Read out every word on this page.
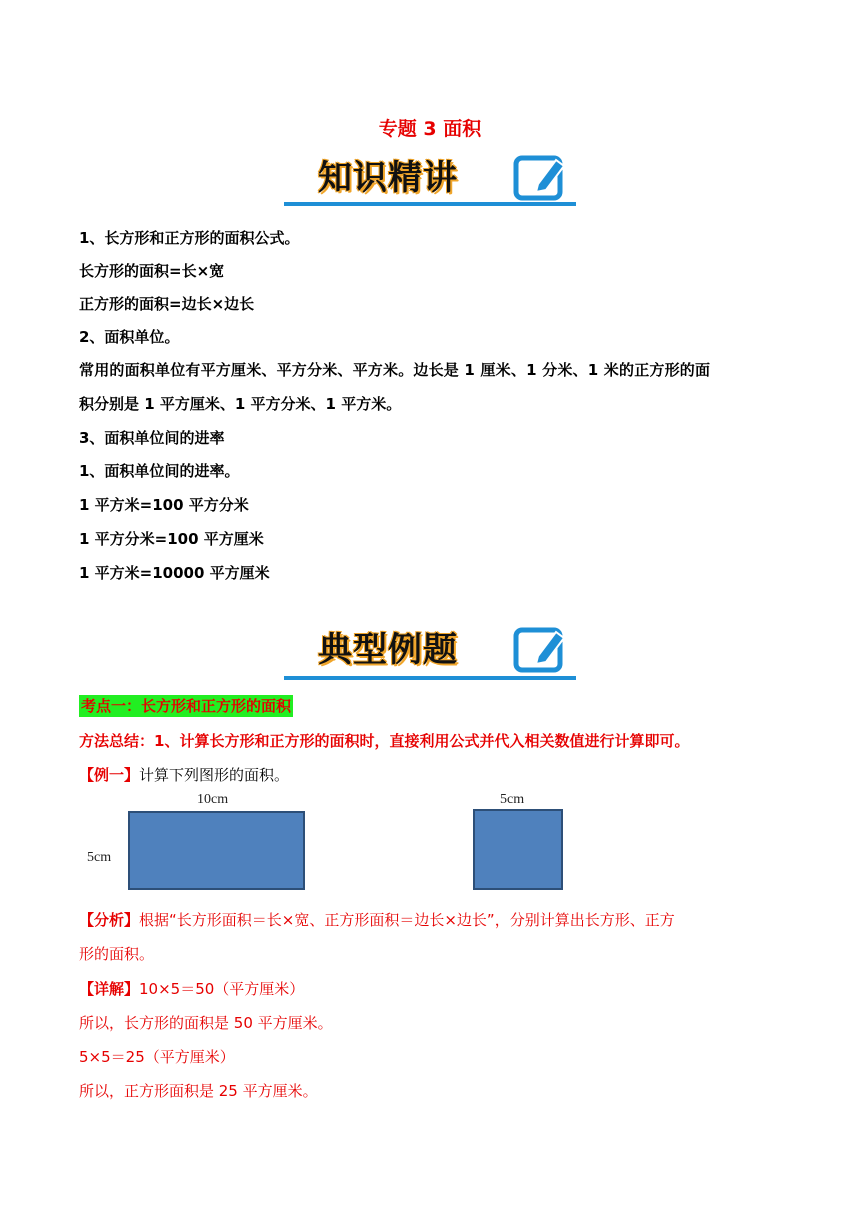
专题 3 面积
知识精讲
1、长方形和正方形的面积公式。
长方形的面积=长×宽
正方形的面积=边长×边长
2、面积单位。
常用的面积单位有平方厘米、平方分米、平方米。边长是 1 厘米、1 分米、1 米的正方形的面
积分别是 1 平方厘米、1 平方分米、1 平方米。
3、面积单位间的进率
1、面积单位间的进率。
1 平方米=100 平方分米
1 平方分米=100 平方厘米
1 平方米=10000 平方厘米
典型例题
考点一：长方形和正方形的面积
方法总结：1、计算长方形和正方形的面积时，直接利用公式并代入相关数值进行计算即可。
【例一】计算下列图形的面积。
10cm
5cm
5cm
【分析】根据“长方形面积＝长×宽、正方形面积＝边长×边长”，分别计算出长方形、正方
形的面积。
【详解】10×5＝50（平方厘米）
所以，长方形的面积是 50 平方厘米。
5×5＝25（平方厘米）
所以，正方形面积是 25 平方厘米。
